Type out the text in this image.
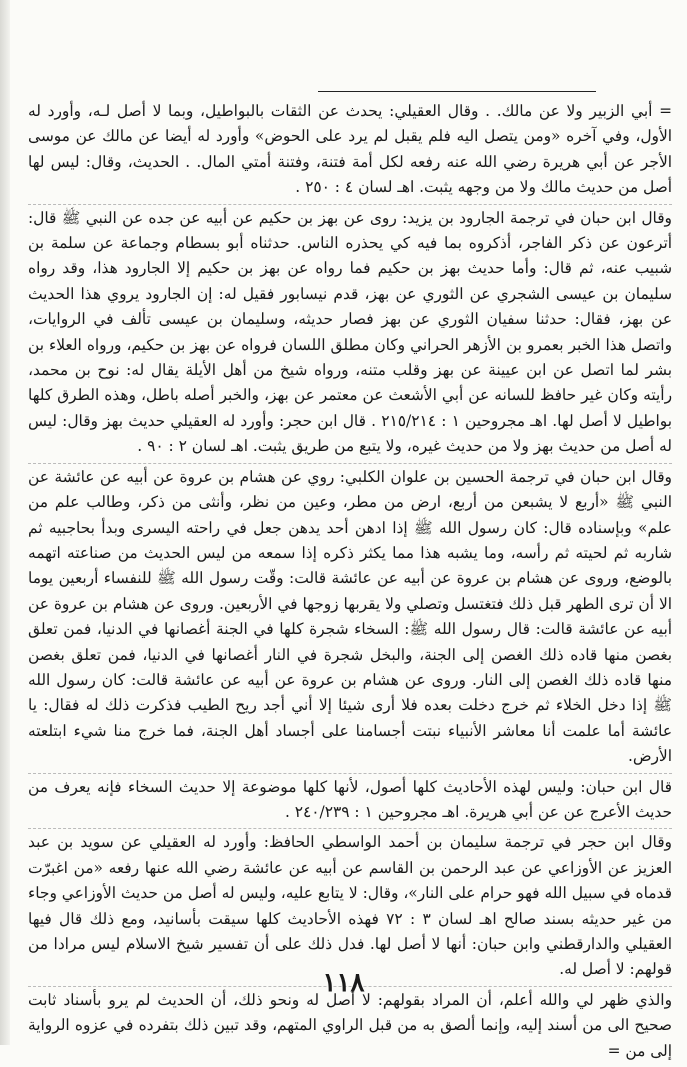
= أبي الزبير ولا عن مالك. . وقال العقيلي: يحدث عن الثقات بالبواطيل، وبما لا أصل لـه، وأورد له الأول، وفي آخره «ومن يتصل اليه فلم يقبل لم يرد على الحوض» وأورد له أيضا عن مالك عن موسى الأجر عن أبي هريرة رضي الله عنه رفعه لكل أمة فتنة، وفتنة أمتي المال. . الحديث، وقال: ليس لها أصل من حديث مالك ولا من وجهه يثبت. اهـ لسان ٤ : ٢٥٠ .

وقال ابن حبان في ترجمة الجارود بن يزيد: روى عن بهز بن حكيم عن أبيه عن جده عن النبي ﷺ قال: أترعون عن ذكر الفاجر، أذكروه بما فيه كي يحذره الناس. حدثناه أبو بسطام وجماعة عن سلمة بن شبيب عنه، ثم قال: وأما حديث بهز بن حكيم فما رواه عن بهز بن حكيم إلا الجارود هذا، وقد رواه سليمان بن عيسى الشجري عن الثوري عن بهز، قدم نيسابور فقيل له: إن الجارود يروي هذا الحديث عن بهز، فقال: حدثنا سفيان الثوري عن بهز فصار حديثه، وسليمان بن عيسى تألف في الروايات، واتصل هذا الخبر بعمرو بن الأزهر الحراني وكان مطلق اللسان فرواه عن بهز بن حكيم، ورواه العلاء بن بشر لما اتصل عن ابن عيينة عن بهز وقلب متنه، ورواه شيخ من أهل الأيلة يقال له: نوح بن محمد، رأيته وكان غير حافظ للسانه عن أبي الأشعث عن معتمر عن بهز، والخبر أصله باطل، وهذه الطرق كلها بواطيل لا أصل لها. اهـ مجروحين ١ : ٢١٥/٢١٤ . قال ابن حجر: وأورد له العقيلي حديث بهز وقال: ليس له أصل من حديث بهز ولا من حديث غيره، ولا يتبع من طريق يثبت. اهـ لسان ٢ : ٩٠ .

وقال ابن حبان في ترجمة الحسين بن علوان الكلبي: روي عن هشام بن عروة عن أبيه عن عائشة عن النبي ﷺ «أربع لا يشبعن من أربع، ارض من مطر، وعين من نظر، وأنثى من ذكر، وطالب علم من علم» وبإسناده قال: كان رسول الله ﷺ إذا ادهن أحد يدهن جعل في راحته اليسرى وبدأ بحاجبيه ثم شاربه ثم لحيته ثم رأسه، وما يشبه هذا مما يكثر ذكره إذا سمعه من ليس الحديث من صناعته اتهمه بالوضع، وروى عن هشام بن عروة عن أبيه عن عائشة قالت: وقّت رسول الله ﷺ للنفساء أربعين يوما الا أن ترى الطهر قبل ذلك فتغتسل وتصلي ولا يقربها زوجها في الأربعين. وروى عن هشام بن عروة عن أبيه عن عائشة قالت: قال رسول الله ﷺ: السخاء شجرة كلها في الجنة أغصانها في الدنيا، فمن تعلق بغصن منها قاده ذلك الغصن إلى الجنة، والبخل شجرة في النار أغصانها في الدنيا، فمن تعلق بغصن منها قاده ذلك الغصن إلى النار. وروى عن هشام بن عروة عن أبيه عن عائشة قالت: كان رسول الله ﷺ إذا دخل الخلاء ثم خرج دخلت بعده فلا أرى شيئا إلا أني أجد ريح الطيب فذكرت ذلك له فقال: يا عائشة أما علمت أنا معاشر الأنبياء نبتت أجسامنا على أجساد أهل الجنة، فما خرج منا شيء ابتلعته الأرض.

قال ابن حبان: وليس لهذه الأحاديث كلها أصول، لأنها كلها موضوعة إلا حديث السخاء فإنه يعرف من حديث الأعرج عن عن أبي هريرة. اهـ مجروحين ١ : ٢٤٠/٢٣٩ .

وقال ابن حجر في ترجمة سليمان بن أحمد الواسطي الحافظ: وأورد له العقيلي عن سويد بن عبد العزيز عن الأوزاعي عن عبد الرحمن بن القاسم عن أبيه عن عائشة رضي الله عنها رفعه «من اغبرّت قدماه في سبيل الله فهو حرام على النار»، وقال: لا يتابع عليه، وليس له أصل من حديث الأوزاعي وجاء من غير حديثه بسند صالح اهـ لسان ٣ : ٧٢ فهذه الأحاديث كلها سيقت بأسانيد، ومع ذلك قال فيها العقيلي والدارقطني وابن حبان: أنها لا أصل لها. فدل ذلك على أن تفسير شيخ الاسلام ليس مرادا من قولهم: لا أصل له.

والذي ظهر لي والله أعلم، أن المراد بقولهم: لا أصل له ونحو ذلك، أن الحديث لم يرو بأسناد ثابت صحيح الى من أسند إليه، وإنما ألصق به من قبل الراوي المتهم، وقد تبين ذلك بتفرده في عزوه الرواية إلى من =

١١٨
